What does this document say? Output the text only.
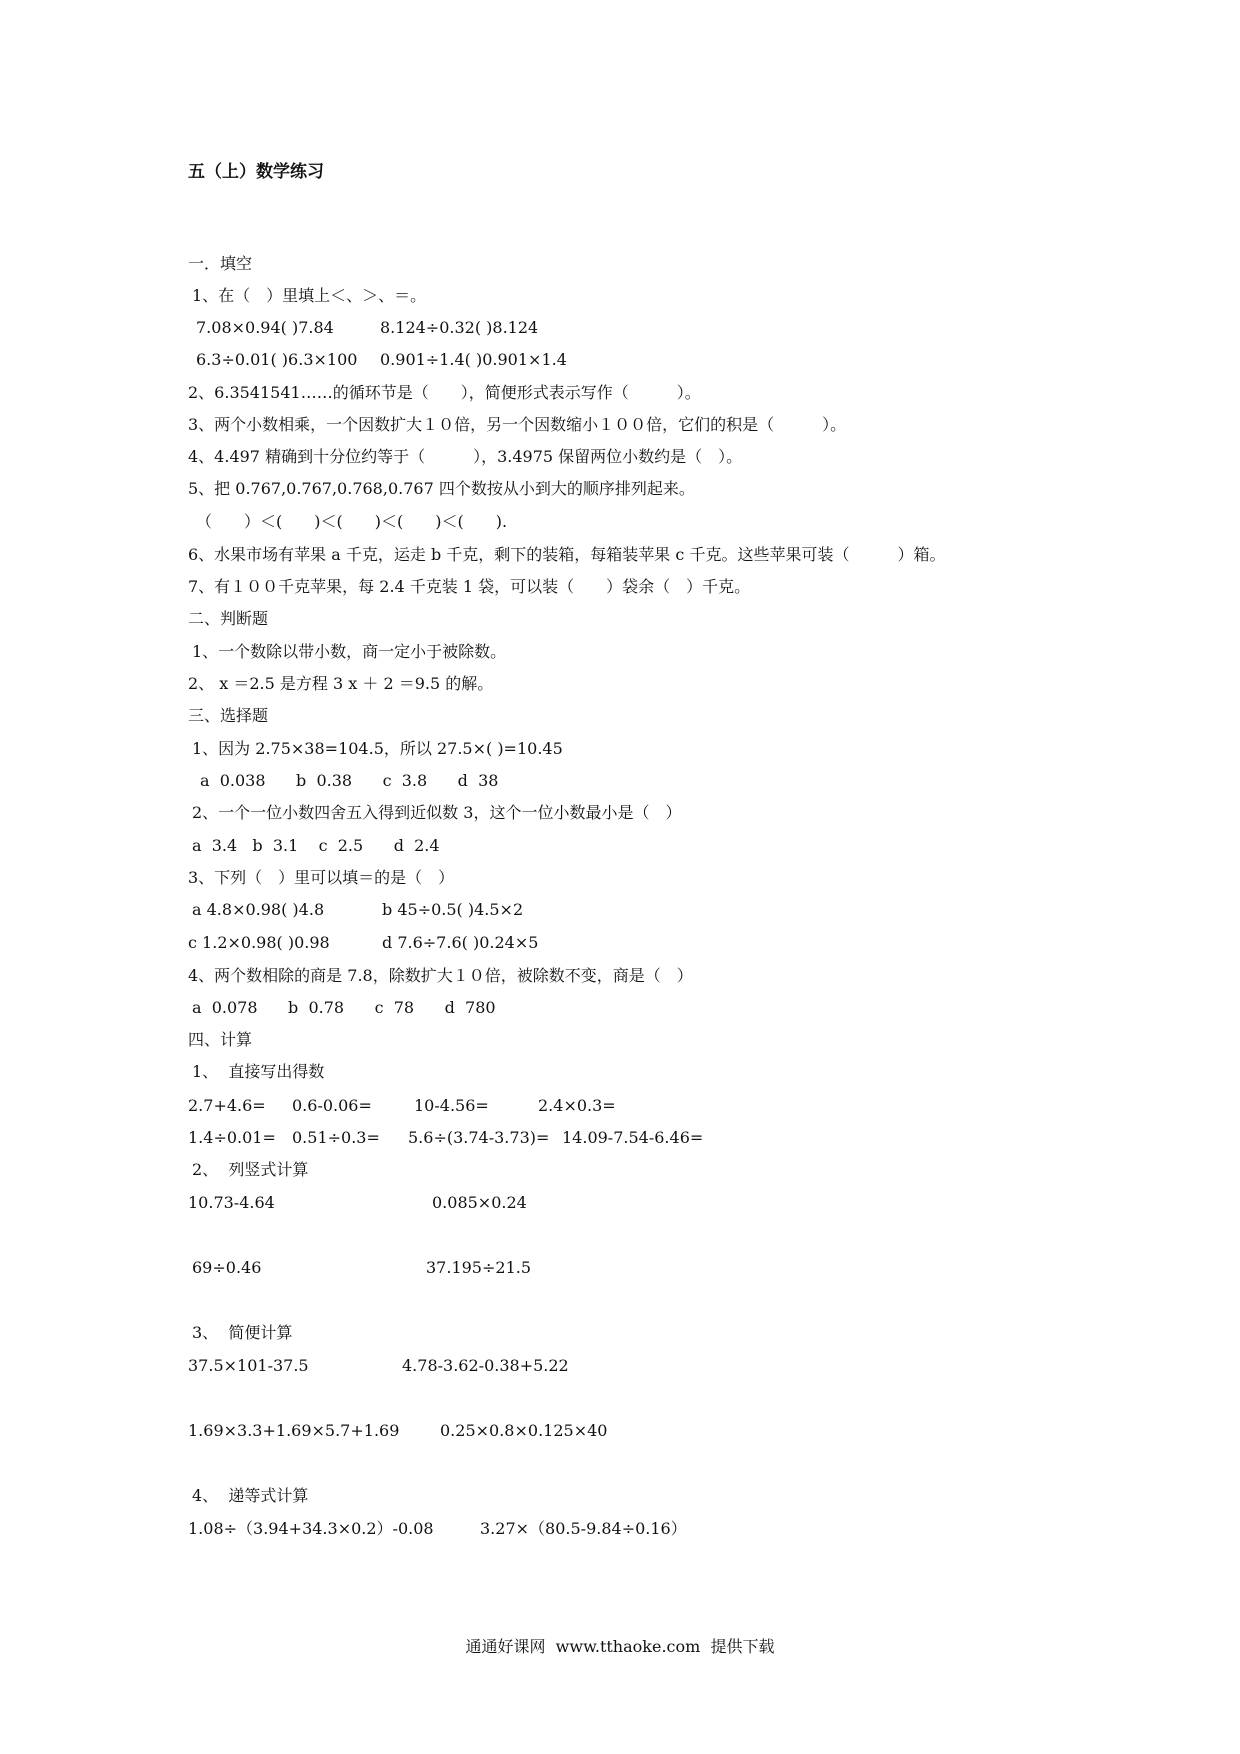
五（上）数学练习
一．填空
1、在（　）里填上＜、＞、＝。
7.08×0.94( )7.84	8.124÷0.32( )8.124
6.3÷0.01( )6.3×100 0.901÷1.4( )0.901×1.4
2、6.3541541……的循环节是（　　），简便形式表示写作（　　　）。
3、两个小数相乘，一个因数扩大１０倍，另一个因数缩小１００倍，它们的积是（　　　）。
4、4.497 精确到十分位约等于（　　　），3.4975 保留两位小数约是（　）。
5、把 0.767,0.767,0.768,0.767 四个数按从小到大的顺序排列起来。
（　　）＜(　　)＜(　　)＜(　　)＜(　　).
6、水果市场有苹果 a 千克，运走 b 千克，剩下的装箱，每箱装苹果 c 千克。这些苹果可装（　　　）箱。
7、有１００千克苹果，每 2.4 千克装 1 袋，可以装（　　）袋余（　）千克。
二、判断题
1、一个数除以带小数，商一定小于被除数。
2、 x ＝2.5 是方程 3 x ＋ 2 ＝9.5 的解。
三、选择题
1、因为 2.75×38=104.5，所以 27.5×( )=10.45
a  0.038      b  0.38      c  3.8      d  38
2、一个一位小数四舍五入得到近似数 3，这个一位小数最小是（　）
a  3.4   b  3.1    c  2.5      d  2.4
3、下列（　）里可以填＝的是（　）
a 4.8×0.98( )4.8	b 45÷0.5( )4.5×2
c 1.2×0.98( )0.98	d 7.6÷7.6( )0.24×5
4、两个数相除的商是 7.8，除数扩大１０倍，被除数不变，商是（　）
a  0.078      b  0.78      c  78      d  780
四、计算
1、  直接写出得数
2.7+4.6= 0.6-0.06=	10-4.56=	2.4×0.3=
1.4÷0.01= 0.51÷0.3= 5.6÷(3.74-3.73)= 14.09-7.54-6.46=
2、  列竖式计算
10.73-4.64	0.085×0.24
69÷0.46	37.195÷21.5
3、  简便计算
37.5×101-37.5	4.78-3.62-0.38+5.22
1.69×3.3+1.69×5.7+1.69	0.25×0.8×0.125×40
4、  递等式计算
1.08÷（3.94+34.3×0.2）-0.08	3.27×（80.5-9.84÷0.16）
通通好课网  www.tthaoke.com  提供下载
